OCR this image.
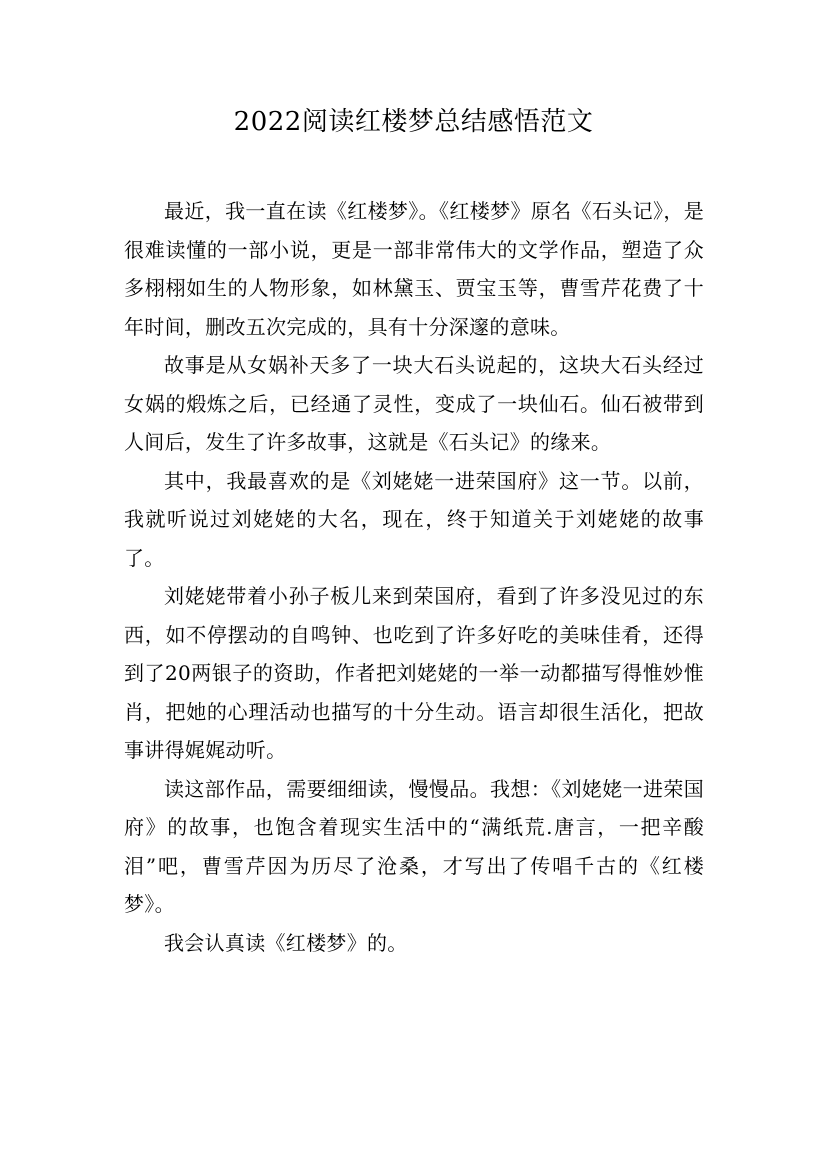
2022阅读红楼梦总结感悟范文

最近，我一直在读《红楼梦》。《红楼梦》原名《石头记》，是很难读懂的一部小说，更是一部非常伟大的文学作品，塑造了众多栩栩如生的人物形象，如林黛玉、贾宝玉等，曹雪芹花费了十年时间，删改五次完成的，具有十分深邃的意味。

故事是从女娲补天多了一块大石头说起的，这块大石头经过女娲的煅炼之后，已经通了灵性，变成了一块仙石。仙石被带到人间后，发生了许多故事，这就是《石头记》的缘来。

其中，我最喜欢的是《刘姥姥一进荣国府》这一节。以前，我就听说过刘姥姥的大名，现在，终于知道关于刘姥姥的故事了。

刘姥姥带着小孙子板儿来到荣国府，看到了许多没见过的东西，如不停摆动的自鸣钟、也吃到了许多好吃的美味佳肴，还得到了20两银子的资助，作者把刘姥姥的一举一动都描写得惟妙惟肖，把她的心理活动也描写的十分生动。语言却很生活化，把故事讲得娓娓动听。

读这部作品，需要细细读，慢慢品。我想：《刘姥姥一进荣国府》的故事，也饱含着现实生活中的“满纸荒.唐言，一把辛酸泪”吧，曹雪芹因为历尽了沧桑，才写出了传唱千古的《红楼梦》。

我会认真读《红楼梦》的。
